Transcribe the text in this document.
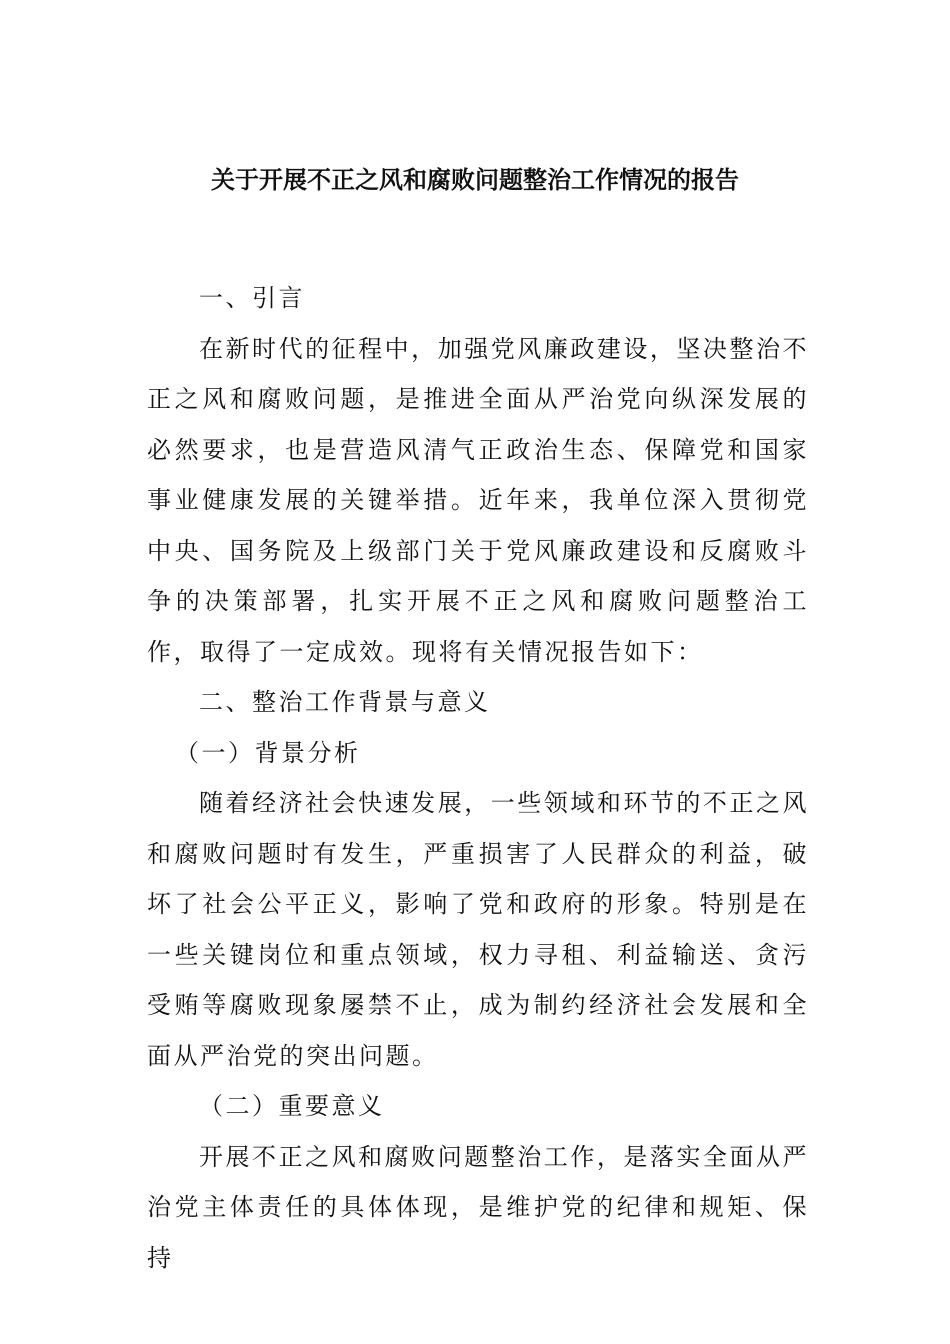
关于开展不正之风和腐败问题整治工作情况的报告

一、引言

在新时代的征程中，加强党风廉政建设，坚决整治不正之风和腐败问题，是推进全面从严治党向纵深发展的必然要求，也是营造风清气正政治生态、保障党和国家事业健康发展的关键举措。近年来，我单位深入贯彻党中央、国务院及上级部门关于党风廉政建设和反腐败斗争的决策部署，扎实开展不正之风和腐败问题整治工作，取得了一定成效。现将有关情况报告如下：

二、整治工作背景与意义

（一）背景分析

随着经济社会快速发展，一些领域和环节的不正之风和腐败问题时有发生，严重损害了人民群众的利益，破坏了社会公平正义，影响了党和政府的形象。特别是在一些关键岗位和重点领域，权力寻租、利益输送、贪污受贿等腐败现象屡禁不止，成为制约经济社会发展和全面从严治党的突出问题。

（二）重要意义

开展不正之风和腐败问题整治工作，是落实全面从严治党主体责任的具体体现，是维护党的纪律和规矩、保持
